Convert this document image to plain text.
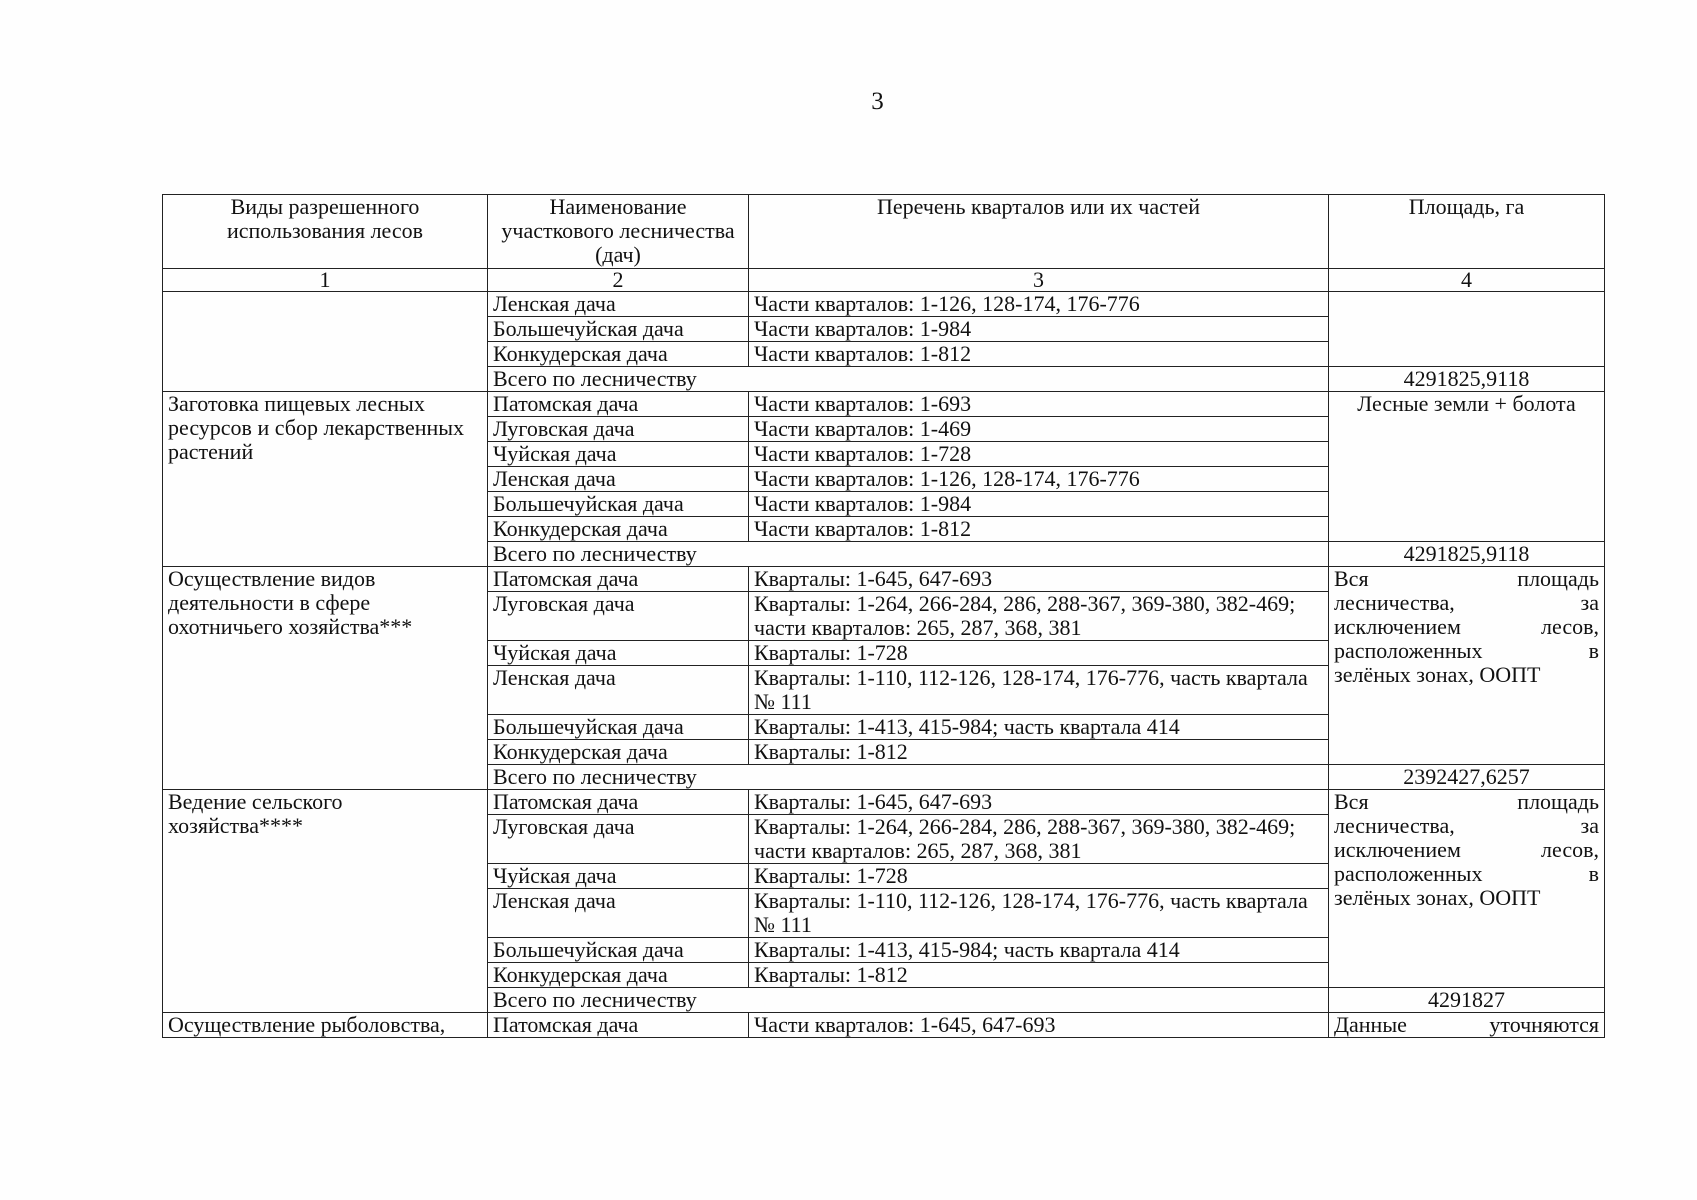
3
Виды разрешенного использования лесов	Наименование участкового лесничества (дач)	Перечень кварталов или их частей	Площадь, га
1	2	3	4
	Ленская дача	Части кварталов: 1-126, 128-174, 176-776	
	Большечуйская дача	Части кварталов: 1-984	
	Конкудерская дача	Части кварталов: 1-812	
	Всего по лесничеству		4291825,9118
Заготовка пищевых лесных ресурсов и сбор лекарственных растений	Патомская дача	Части кварталов: 1-693	Лесные земли + болота
	Луговская дача	Части кварталов: 1-469	
	Чуйская дача	Части кварталов: 1-728	
	Ленская дача	Части кварталов: 1-126, 128-174, 176-776	
	Большечуйская дача	Части кварталов: 1-984	
	Конкудерская дача	Части кварталов: 1-812	
	Всего по лесничеству		4291825,9118
Осуществление видов деятельности в сфере охотничьего хозяйства***	Патомская дача	Кварталы: 1-645, 647-693	Вся площадь
лесничества, за
исключением лесов,
расположенных в
зелёных зонах, ООПТ

	Луговская дача	Кварталы: 1-264, 266-284, 286, 288-367, 369-380, 382-469; части кварталов: 265, 287, 368, 381	
	Чуйская дача	Кварталы: 1-728	
	Ленская дача	Кварталы: 1-110, 112-126, 128-174, 176-776, часть квартала № 111	
	Большечуйская дача	Кварталы: 1-413, 415-984; часть квартала 414	
	Конкудерская дача	Кварталы: 1-812	
	Всего по лесничеству		2392427,6257
Ведение сельского хозяйства****	Патомская дача	Кварталы: 1-645, 647-693	Вся площадь
лесничества, за
исключением лесов,
расположенных в
зелёных зонах, ООПТ

	Луговская дача	Кварталы: 1-264, 266-284, 286, 288-367, 369-380, 382-469; части кварталов: 265, 287, 368, 381	
	Чуйская дача	Кварталы: 1-728	
	Ленская дача	Кварталы: 1-110, 112-126, 128-174, 176-776, часть квартала № 111	
	Большечуйская дача	Кварталы: 1-413, 415-984; часть квартала 414	
	Конкудерская дача	Кварталы: 1-812	
	Всего по лесничеству		4291827
Осуществление рыболовства,	Патомская дача	Части кварталов: 1-645, 647-693	Данные уточняются
